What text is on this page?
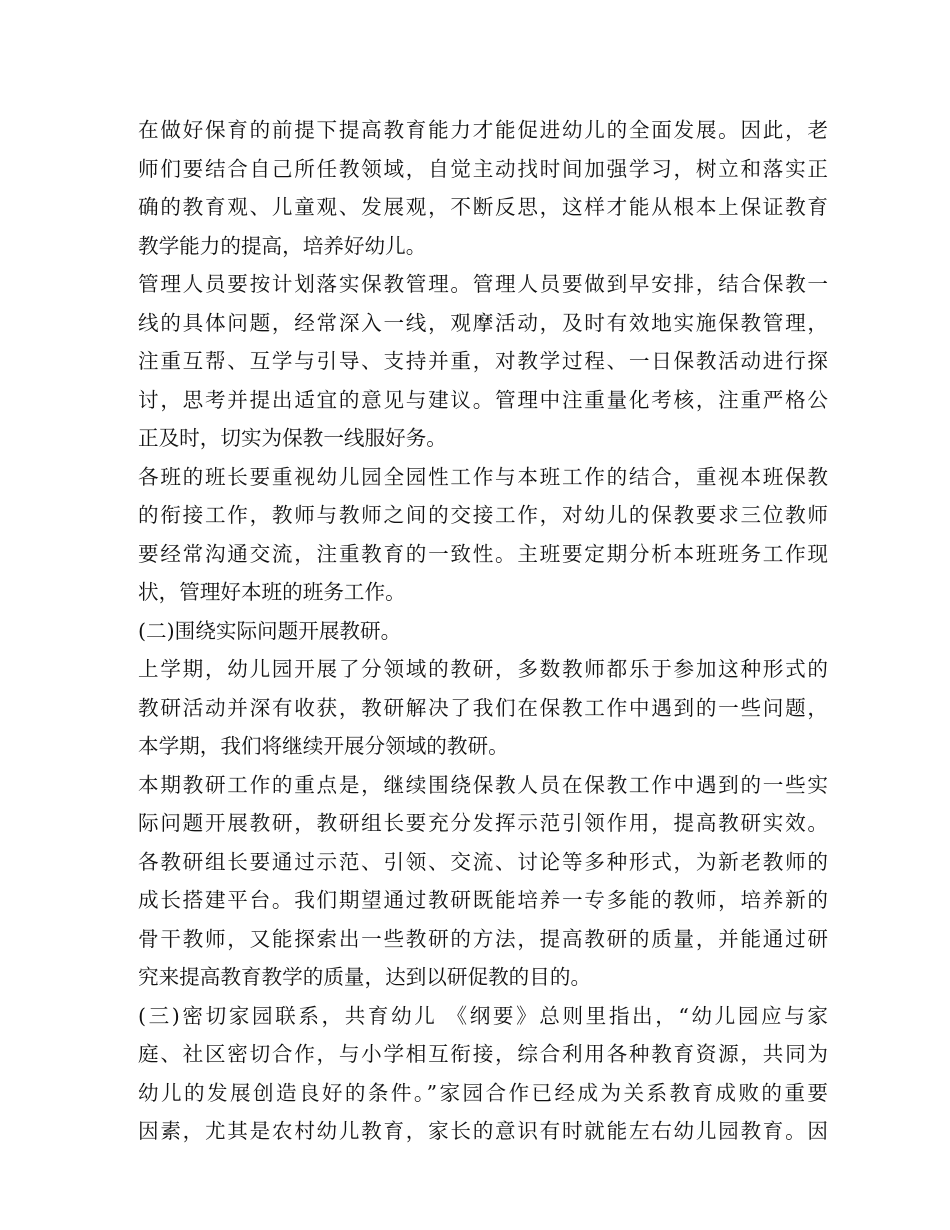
在做好保育的前提下提高教育能力才能促进幼儿的全面发展。因此，老
师们要结合自己所任教领域，自觉主动找时间加强学习，树立和落实正
确的教育观、儿童观、发展观，不断反思，这样才能从根本上保证教育
教学能力的提高，培养好幼儿。
管理人员要按计划落实保教管理。管理人员要做到早安排，结合保教一
线的具体问题，经常深入一线，观摩活动，及时有效地实施保教管理，
注重互帮、互学与引导、支持并重，对教学过程、一日保教活动进行探
讨，思考并提出适宜的意见与建议。管理中注重量化考核，注重严格公
正及时，切实为保教一线服好务。
各班的班长要重视幼儿园全园性工作与本班工作的结合，重视本班保教
的衔接工作，教师与教师之间的交接工作，对幼儿的保教要求三位教师
要经常沟通交流，注重教育的一致性。主班要定期分析本班班务工作现
状，管理好本班的班务工作。
(二)围绕实际问题开展教研。
上学期，幼儿园开展了分领域的教研，多数教师都乐于参加这种形式的
教研活动并深有收获，教研解决了我们在保教工作中遇到的一些问题，
本学期，我们将继续开展分领域的教研。
本期教研工作的重点是，继续围绕保教人员在保教工作中遇到的一些实
际问题开展教研，教研组长要充分发挥示范引领作用，提高教研实效。
各教研组长要通过示范、引领、交流、讨论等多种形式，为新老教师的
成长搭建平台。我们期望通过教研既能培养一专多能的教师，培养新的
骨干教师，又能探索出一些教研的方法，提高教研的质量，并能通过研
究来提高教育教学的质量，达到以研促教的目的。
(三)密切家园联系，共育幼儿 《纲要》总则里指出，“幼儿园应与家
庭、社区密切合作，与小学相互衔接，综合利用各种教育资源，共同为
幼儿的发展创造良好的条件。”家园合作已经成为关系教育成败的重要
因素，尤其是农村幼儿教育，家长的意识有时就能左右幼儿园教育。因
